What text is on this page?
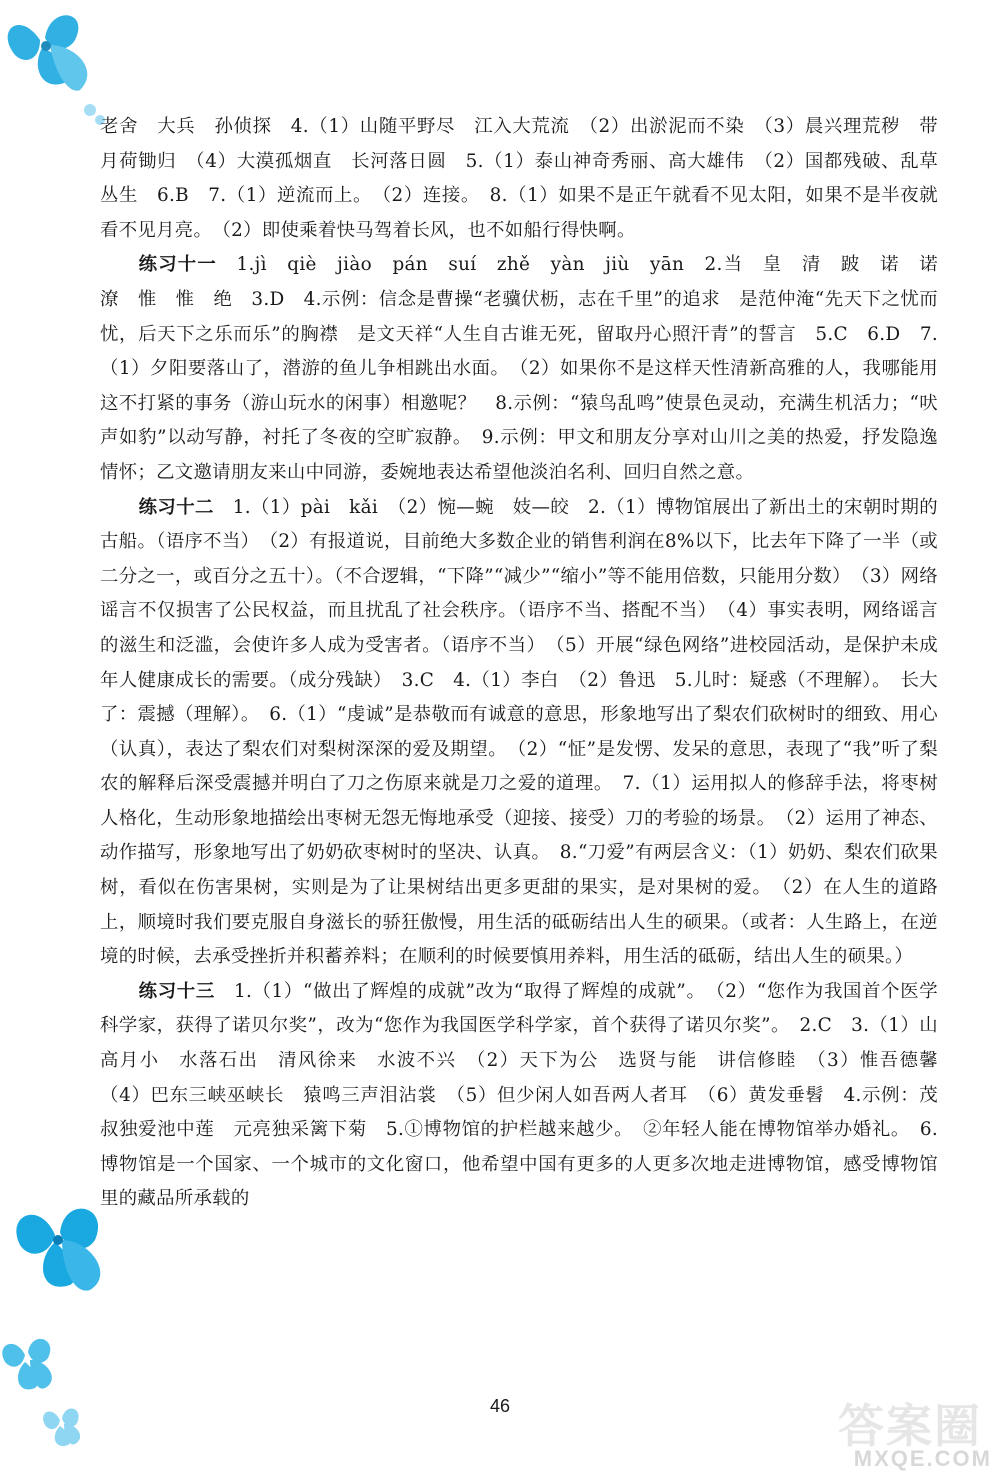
老舍　大兵　孙侦探　4.（1）山随平野尽　江入大荒流　（2）出淤泥而不染　（3）晨兴理荒秽　带月荷锄归　（4）大漠孤烟直　长河落日圆　5.（1）泰山神奇秀丽、高大雄伟　（2）国都残破、乱草丛生　6.B　7.（1）逆流而上。　（2）连接。　8.（1）如果不是正午就看不见太阳，如果不是半夜就看不见月亮。　（2）即使乘着快马驾着长风，也不如船行得快啊。

练习十一　 1.jì　qiè　jiào　pán　suí　zhě　yàn　jiù　yān　2.当　皇　清　跛　诺　诺　潦　惟　惟　绝　3.D　4.示例：信念是曹操“老骥伏枥，志在千里”的追求　是范仲淹“先天下之忧而忧，后天下之乐而乐”的胸襟　是文天祥“人生自古谁无死，留取丹心照汗青”的誓言　5.C　6.D　7.（1）夕阳要落山了，潜游的鱼儿争相跳出水面。　（2）如果你不是这样天性清新高雅的人，我哪能用这不打紧的事务（游山玩水的闲事）相邀呢？　8.示例：“猿鸟乱鸣”使景色灵动，充满生机活力；“吠声如豹”以动写静，衬托了冬夜的空旷寂静。　9.示例：甲文和朋友分享对山川之美的热爱，抒发隐逸情怀；乙文邀请朋友来山中同游，委婉地表达希望他淡泊名利、回归自然之意。

练习十二　 1.（1）pài　kǎi　（2）惋—蜿　妓—皎　2.（1）博物馆展出了新出土的宋朝时期的古船。（语序不当）　（2）有报道说，目前绝大多数企业的销售利润在8%以下，比去年下降了一半（或二分之一，或百分之五十）。（不合逻辑，“下降”“减少”“缩小”等不能用倍数，只能用分数）　（3）网络谣言不仅损害了公民权益，而且扰乱了社会秩序。（语序不当、搭配不当）　（4）事实表明，网络谣言的滋生和泛滥，会使许多人成为受害者。（语序不当）　（5）开展“绿色网络”进校园活动，是保护未成年人健康成长的需要。（成分残缺）　3.C　4.（1）李白　（2）鲁迅　5.儿时：疑惑（不理解）。　长大了：震撼（理解）。　6.（1）“虔诚”是恭敬而有诚意的意思，形象地写出了梨农们砍树时的细致、用心（认真），表达了梨农们对梨树深深的爱及期望。　（2）“怔”是发愣、发呆的意思，表现了“我”听了梨农的解释后深受震撼并明白了刀之伤原来就是刀之爱的道理。　7.（1）运用拟人的修辞手法，将枣树人格化，生动形象地描绘出枣树无怨无悔地承受（迎接、接受）刀的考验的场景。　（2）运用了神态、动作描写，形象地写出了奶奶砍枣树时的坚决、认真。　8.“刀爱”有两层含义：（1）奶奶、梨农们砍果树，看似在伤害果树，实则是为了让果树结出更多更甜的果实，是对果树的爱。　（2）在人生的道路上，顺境时我们要克服自身滋长的骄狂傲慢，用生活的砥砺结出人生的硕果。（或者：人生路上，在逆境的时候，去承受挫折并积蓄养料；在顺利的时候要慎用养料，用生活的砥砺，结出人生的硕果。）

练习十三　 1.（1）“做出了辉煌的成就”改为“取得了辉煌的成就”。　（2）“您作为我国首个医学科学家，获得了诺贝尔奖”，改为“您作为我国医学科学家，首个获得了诺贝尔奖”。　2.C　3.（1）山高月小　水落石出　清风徐来　水波不兴　（2）天下为公　选贤与能　讲信修睦　（3）惟吾德馨　（4）巴东三峡巫峡长　猿鸣三声泪沾裳　（5）但少闲人如吾两人者耳　（6）黄发垂髫　4.示例：茂叔独爱池中莲　元亮独采篱下菊　5.①博物馆的护栏越来越少。　②年轻人能在博物馆举办婚礼。　6.博物馆是一个国家、一个城市的文化窗口，他希望中国有更多的人更多次地走进博物馆，感受博物馆里的藏品所承载的

46	答案圈
MXQE.COM
